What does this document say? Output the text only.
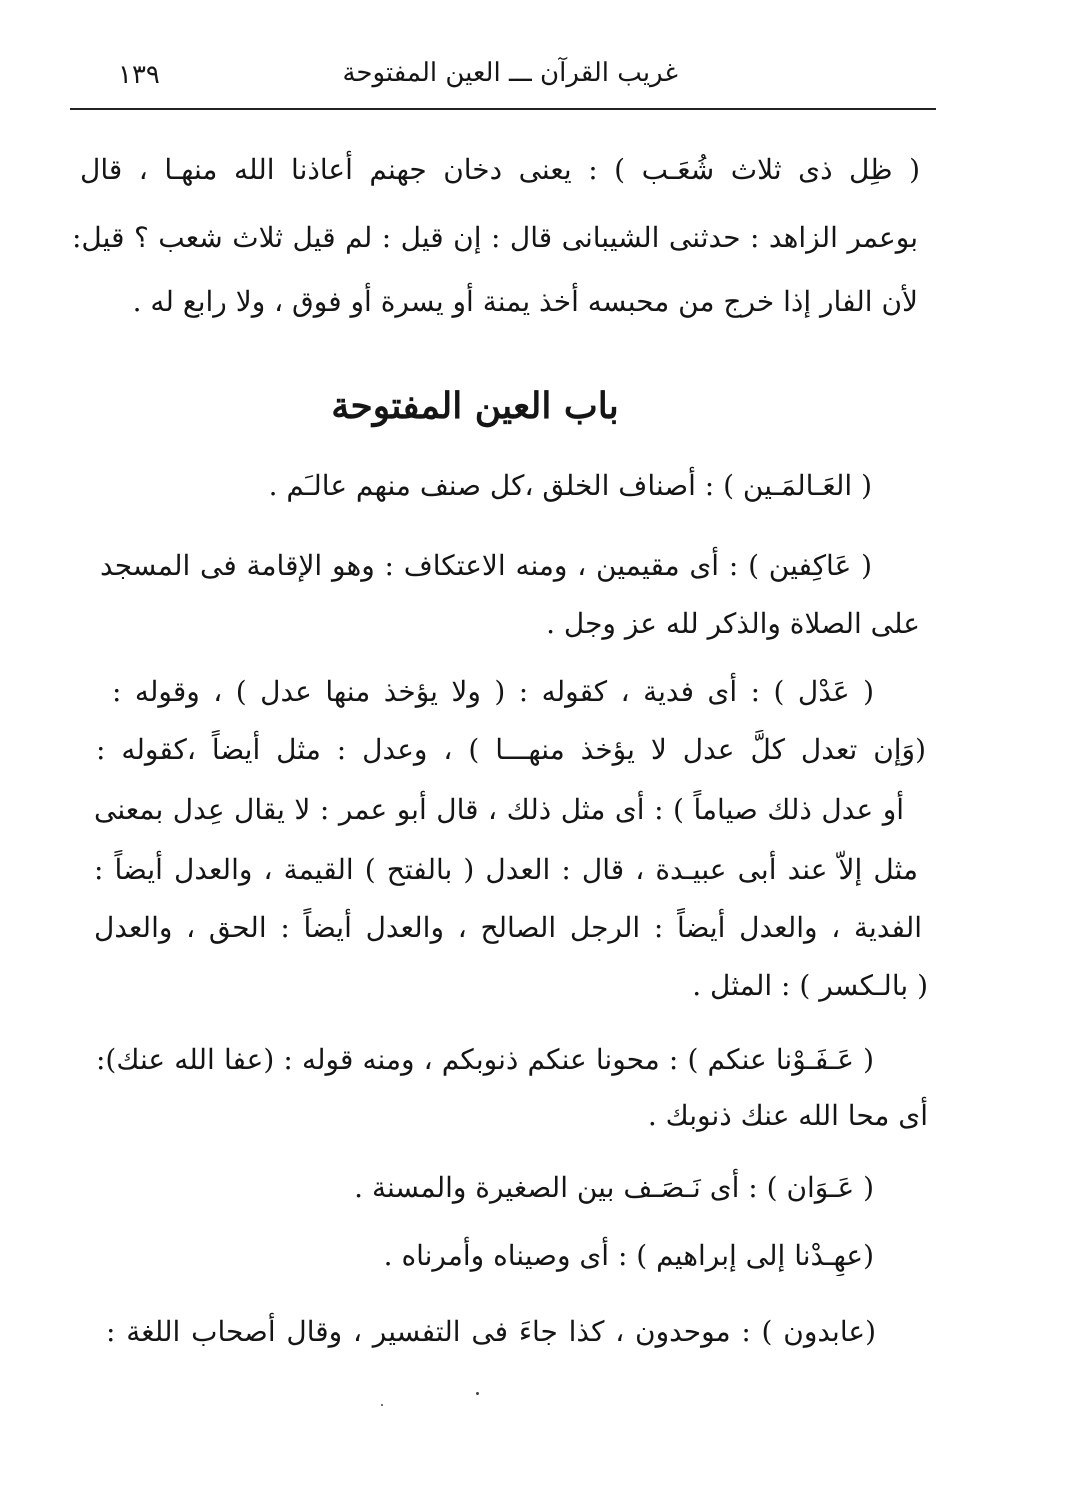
غريب القرآن ـــ العين المفتوحة
١٣٩
( ظِل ذى ثلاث شُعَـب ) : يعنى دخان جهنم أعاذنا الله منهـا ، قال
بوعمر الزاهد : حدثنى الشيبانى قال : إن قيل : لم قيل ثلاث شعب ؟ قيل:
لأن الفار إذا خرج من محبسه أخذ يمنة أو يسرة أو فوق ، ولا رابع له .
باب العين المفتوحة
( العَـالمَـين ) : أصناف الخلق ،كل صنف منهم عالـَم .
( عَاكِفين ) : أى مقيمين ، ومنه الاعتكاف : وهو الإقامة فى المسجد
على الصلاة والذكر لله عز وجل .
( عَدْل ) : أى فدية ، كقوله : ( ولا يؤخذ منها عدل ) ، وقوله :
(وَإن تعدل كلَّ عدل لا يؤخذ منهـــا ) ، وعدل : مثل أيضاً ،كقوله :
أو عدل ذلك صياماً ) : أى مثل ذلك ، قال أبو عمر : لا يقال عِدل بمعنى
مثل إلاّ عند أبى عبيـدة ، قال : العدل ( بالفتح ) القيمة ، والعدل أيضاً :
الفدية ، والعدل أيضاً : الرجل الصالح ، والعدل أيضاً : الحق ، والعدل
( بالـكسر ) : المثل .
( عَـفَـوْنا عنكم ) : محونا عنكم ذنوبكم ، ومنه قوله : (عفا الله عنك):
أى محا الله عنك ذنوبك .
( عَـوَان ) : أى نَـصَـف بين الصغيرة والمسنة .
(عهِـدْنا إلى إبراهيم ) : أى وصيناه وأمرناه .
(عابدون ) : موحدون ، كذا جاءَ فى التفسير ، وقال أصحاب اللغة :
